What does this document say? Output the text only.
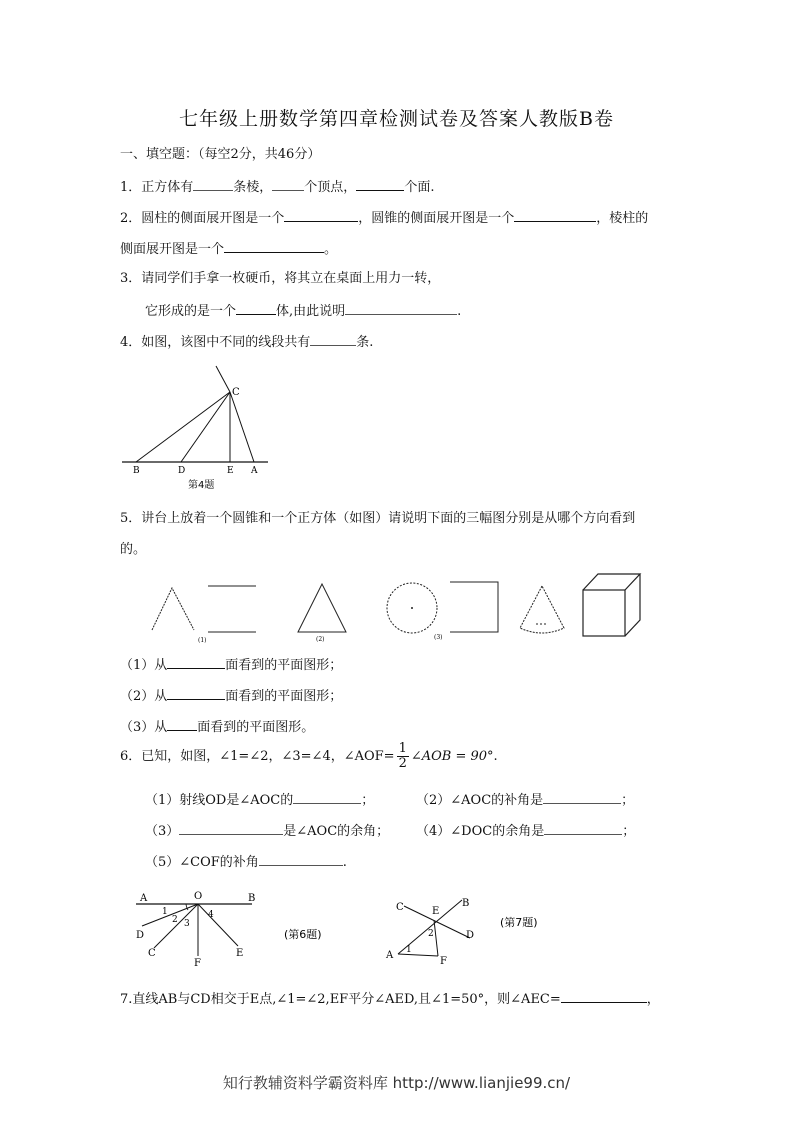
七年级上册数学第四章检测试卷及答案人教版B卷
一、填空题：（每空2分，共46分）
1．正方体有	条棱， 个顶点，	个面.
2．圆柱的侧面展开图是一个	，圆锥的侧面展开图是一个	，棱柱的
侧面展开图是一个	。
3．请同学们手拿一枚硬币，将其立在桌面上用力一转，
它形成的是一个	体,由此说明	.
4．如图，该图中不同的线段共有	条.
C
B	D	E A
第4题
5．讲台上放着一个圆锥和一个正方体（如图）请说明下面的三幅图分别是从哪个方向看到
的。
(1)	(2)	(3)
（1）从	面看到的平面图形；
（2）从	面看到的平面图形；
（3）从 面看到的平面图形。
6．已知，如图，∠1=∠2，∠3=∠4，∠AOF= $\frac{1}{2}$ ∠AOB = 90°.
（1）射线OD是∠AOC的	；	（2）∠AOC的补角是	；
（3）	是∠AOC的余角； （4）∠DOC的余角是	；
（5）∠COF的补角	.
A	O	B
D
C
F
E
1
2 3
4
(第6题)
C	E
B
D
A
F
1
2
(第7题)
7.直线AB与CD相交于E点,∠1=∠2,EF平分∠AED,且∠1=50°，则∠AEC=	，
知行教辅资料学霸资料库 http://www.lianjie99.cn/
